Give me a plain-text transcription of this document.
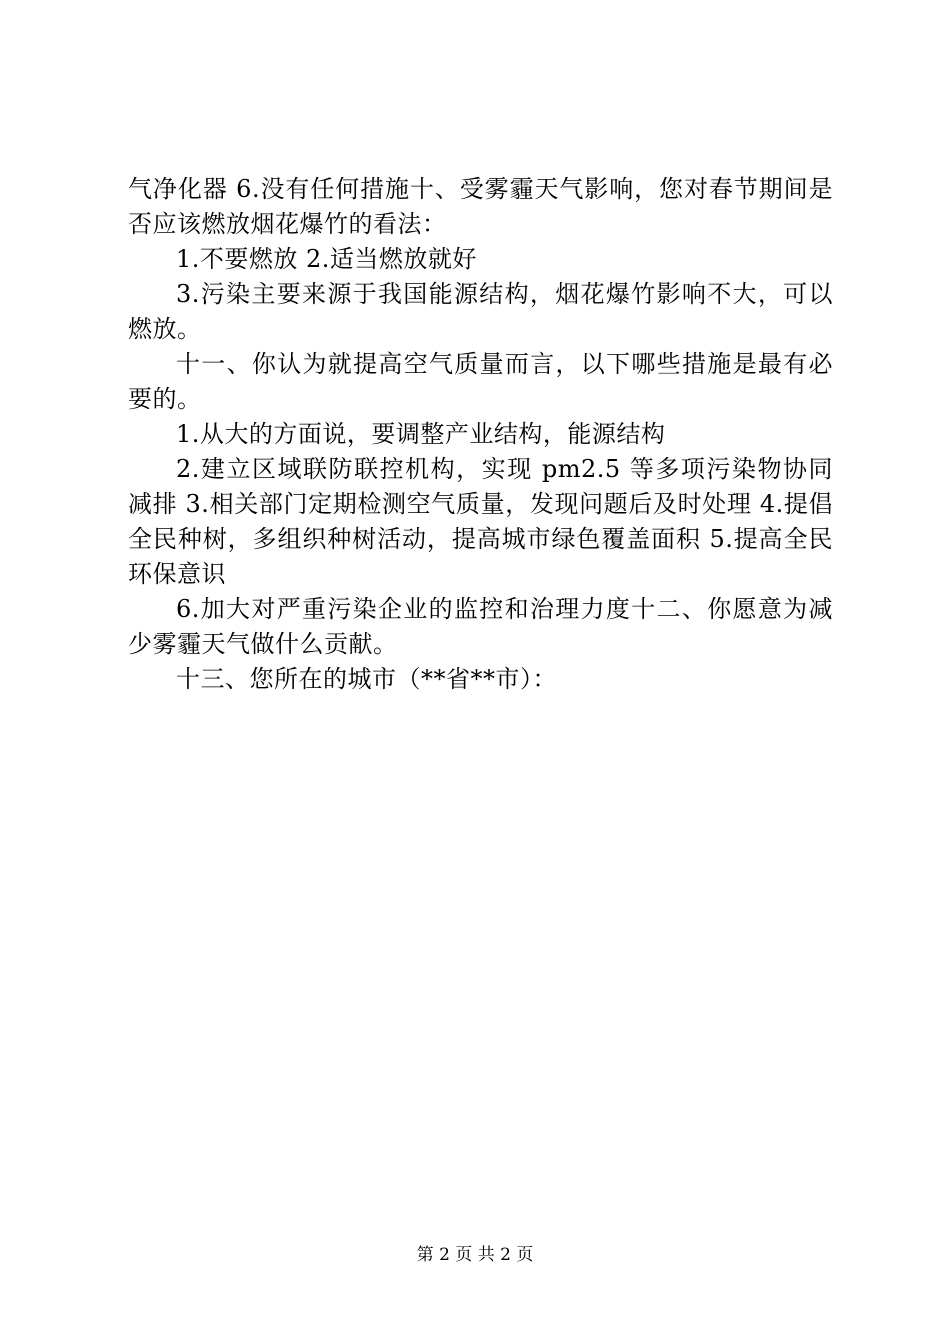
气净化器 6.没有任何措施十、受雾霾天气影响，您对春节期间是否应该燃放烟花爆竹的看法：

1.不要燃放 2.适当燃放就好

3.污染主要来源于我国能源结构，烟花爆竹影响不大，可以燃放。

十一、你认为就提高空气质量而言，以下哪些措施是最有必要的。

1.从大的方面说，要调整产业结构，能源结构

2.建立区域联防联控机构，实现 pm2.5 等多项污染物协同减排 3.相关部门定期检测空气质量，发现问题后及时处理 4.提倡全民种树，多组织种树活动，提高城市绿色覆盖面积 5.提高全民环保意识

6.加大对严重污染企业的监控和治理力度十二、你愿意为减少雾霾天气做什么贡献。

十三、您所在的城市（**省**市）：

第 2 页 共 2 页
